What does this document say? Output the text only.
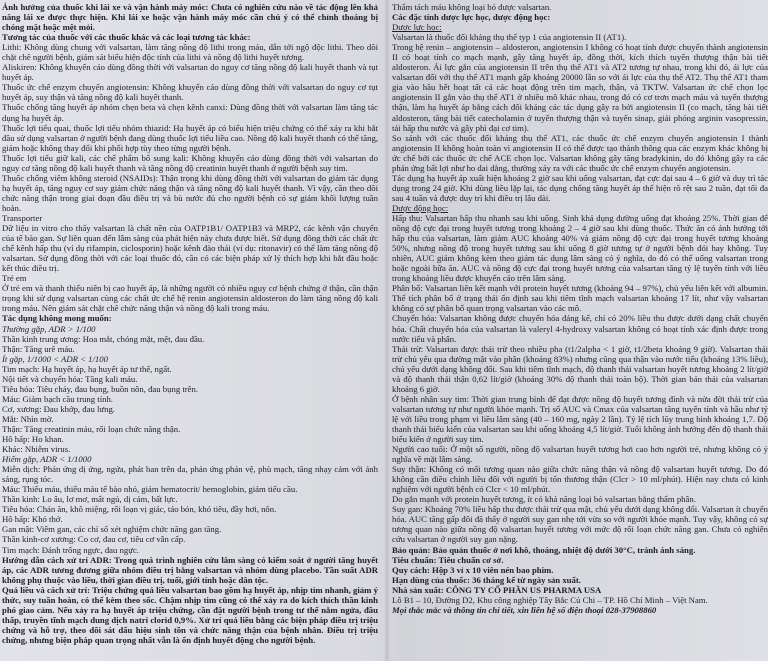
Ảnh hưởng của thuốc khi lái xe và vận hành máy móc: Chưa có nghiên cứu nào về tác động lên khả năng lái xe được thực hiện. Khi lái xe hoặc vận hành máy móc cần chú ý có thể chỉnh thoáng bị chóng mặt hoặc mệt mỏi.

Tương tác của thuốc với các thuốc khác và các loại tương tác khác:

Lithi: Không dùng chung với valsartan, làm tăng nồng độ lithi trong máu, dẫn tới ngộ độc lithi. Theo dõi chặt chẽ người bệnh, giám sát biểu hiện độc tính của lithi và nồng độ lithi huyết tương.

Aliskiren: Không khuyến cáo dùng đồng thời với valsartan do nguy cơ tăng nồng độ kali huyết thanh và tụt huyết áp.

Thuốc ức chế enzym chuyển angiotensin: Không khuyến cáo dùng đồng thời với valsartan do nguy cơ tụt huyết áp, suy thận và tăng nồng độ kali huyết thanh.

Thuốc chống tăng huyết áp nhóm chẹn beta và chẹn kênh canxi: Dùng đồng thời với valsartan làm tăng tác dụng hạ huyết áp.

Thuốc lợi tiểu quai, thuốc lợi tiểu nhóm thiazid: Hạ huyết áp có biểu hiện triệu chứng có thể xảy ra khi bắt đầu sử dụng valsartan ở người bệnh đang dùng thuốc lợi tiểu liều cao. Nồng độ kali huyết thanh có thể tăng, giảm hoặc không thay đổi khi phối hợp tùy theo từng người bệnh.

Thuốc lợi tiểu giữ kali, các chế phẩm bổ sung kali: Không khuyến cáo dùng đồng thời với valsartan do nguy cơ tăng nồng độ kali huyết thanh và tăng nồng độ creatinin huyết thanh ở người bệnh suy tim.

Thuốc chống viêm không steroid (NSAIDs): Thận trọng khi dùng đồng thời với valsartan do giảm tác dụng hạ huyết áp, tăng nguy cơ suy giảm chức năng thận và tăng nồng độ kali huyết thanh. Vì vậy, cần theo dõi chức năng thận trong giai đoạn đầu điều trị và bù nước đủ cho người bệnh có sự giảm khối lượng tuần hoàn.

Transporter

Dữ liệu in vitro cho thấy valsartan là chất nền của OATP1B1/ OATP1B3 và MRP2, các kênh vận chuyển của tế bào gan. Sự liên quan đến lâm sàng của phát hiện này chưa được biết. Sử dụng đồng thời các chất ức chế kênh hấp thu (ví dụ rifampin, ciclosporin) hoặc kênh đào thải (ví dụ: ritonavir) có thể làm tăng nồng độ valsartan. Sử dụng đồng thời với các loại thuốc đó, cần có các biện pháp xử lý thích hợp khi bắt đầu hoặc kết thúc điều trị.

Trẻ em

Ở trẻ em và thanh thiếu niên bị cao huyết áp, là những người có nhiều nguy cơ bệnh chứng ở thận, cần thận trọng khi sử dụng valsartan cùng các chất ức chế hệ renin angiotensin aldosteron do làm tăng nồng độ kali trong máu. Nên giám sát chặt chẽ chức năng thận và nồng độ kali trong máu.

Tác dụng không mong muốn:

Thường gặp, ADR > 1/100

Thần kinh trung ương: Hoa mắt, chóng mặt, mệt, đau đầu.

Thận: Tăng urê máu.

Ít gặp, 1/1000 < ADR < 1/100

Tim mạch: Hạ huyết áp, hạ huyết áp tư thế, ngất.

Nội tiết và chuyển hóa: Tăng kali máu.

Tiêu hóa: Tiêu chảy, đau bụng, buồn nôn, đau bụng trên.

Máu: Giảm bạch cầu trung tính.

Cơ, xương: Đau khớp, đau lưng.

Mắt: Nhìn mờ.

Thận: Tăng creatinin máu, rối loạn chức năng thận.

Hô hấp: Ho khan.

Khác: Nhiễm virus.

Hiếm gặp, ADR < 1/1000

Miễn dịch: Phản ứng dị ứng, ngứa, phát ban trên da, phản ứng phản vệ, phù mạch, tăng nhạy cảm với ánh sáng, rụng tóc.

Máu: Thiếu máu, thiếu máu tế bào nhỏ, giảm hematocrit/ hemoglobin, giảm tiểu cầu.

Thần kinh: Lo âu, lơ mơ, mất ngủ, dị cảm, bất lực.

Tiêu hóa: Chán ăn, khô miệng, rối loạn vị giác, táo bón, khó tiêu, đầy hơi, nôn.

Hô hấp: Khó thở.

Gan mật: Viêm gan, các chỉ số xét nghiệm chức năng gan tăng.

Thần kinh-cơ xương: Co cơ, đau cơ, tiêu cơ vân cấp.

Tim mạch: Đánh trống ngực, đau ngực.

Hướng dẫn cách xử trí ADR: Trong quá trình nghiên cứu lâm sàng có kiểm soát ở người tăng huyết áp, các ADR tương đương giữa nhóm điều trị bằng valsartan và nhóm dùng placebo. Tần suất ADR không phụ thuộc vào liều, thời gian điều trị, tuổi, giới tính hoặc dân tộc.

Quá liều và cách xử trí: Triệu chứng quá liều valsartan bao gồm hạ huyết áp, nhịp tim nhanh, giảm ý thức, suy tuần hoàn, có thể kèm theo sốc. Chậm nhịp tim cũng có thể xảy ra do kích thích thần kinh phó giao cảm. Nếu xảy ra hạ huyết áp triệu chứng, cần đặt người bệnh trong tư thế nằm ngửa, đầu thấp, truyền tĩnh mạch dung dịch natri clorid 0,9%. Xử trí quá liều bằng các biện pháp điều trị triệu chứng và hỗ trợ, theo dõi sát dấu hiệu sinh tồn và chức năng thận của bệnh nhân. Điều trị triệu chứng, nhưng biện pháp quan trọng nhất vẫn là ổn định huyết động cho người bệnh.

Thẩm tách máu không loại bỏ được valsartan.

Các đặc tính dược lực học, dược động học:

Dược lực học:

Valsartan là thuốc đối kháng thụ thể typ 1 của angiotensin II (AT1).

Trong hệ renin – angiotensin – aldosteron, angiotensin I không có hoạt tính được chuyển thành angiotensin II có hoạt tính co mạch mạnh, gây tăng huyết áp, đồng thời, kích thích tuyến thượng thận bài tiết aldosteron. Ái lực gắn của angiotensin II trên thụ thể AT1 và AT2 tương tự nhau, trong khi đó, ái lực của valsartan đối với thụ thể AT1 mạnh gấp khoảng 20000 lần so với ái lực của thụ thể AT2. Thụ thể AT1 tham gia vào hầu hết hoạt tất cả các hoạt động trên tim mạch, thận, và TKTW. Valsartan ức chế chọn lọc angiotensin II gắn vào thụ thể AT1 ở nhiều mô khác nhau, trong đó có cơ trơn mạch máu và tuyến thượng thận, làm hạ huyết áp bằng cách đối kháng các tác dụng gây ra bởi angiotensin II (co mạch, tăng bài tiết aldosteron, tăng bài tiết catecholamin ở tuyến thượng thận và tuyến sinap, giải phóng arginin vasopressin, tái hấp thu nước và gây phì đại cơ tim).

So sánh với các thuốc đối kháng thụ thể AT1, các thuốc ức chế enzym chuyển angiotensin I thành angiotensin II không hoàn toàn vì angiotensin II có thể được tạo thành thông qua các enzym khác không bị ức chế bởi các thuốc ức chế ACE chọn lọc. Valsartan không gây tăng bradykinin, do đó không gây ra các phản ứng bất lợi như ho dai dẳng, thường xảy ra với các thuốc ức chế enzym chuyển angiotensin.

Tác dụng hạ huyết áp xuất hiện khoảng 2 giờ sau khi uống valsartan, đạt cực đại sau 4 – 6 giờ và duy trì tác dụng trong 24 giờ. Khi dùng liều lặp lại, tác dụng chống tăng huyết áp thể hiện rõ rệt sau 2 tuần, đạt tối đa sau 4 tuần và được duy trì khi điều trị lâu dài.

Dược động học:

Hấp thu: Valsartan hấp thu nhanh sau khi uống. Sinh khả dụng đường uống đạt khoảng 25%. Thời gian để nồng độ cực đại trong huyết tương trong khoảng 2 – 4 giờ sau khi dùng thuốc. Thức ăn có ảnh hưởng tới hấp thu của valsartan, làm giảm AUC khoảng 40% và giảm nồng độ cực đại trong huyết tương khoảng 50%, nhưng nồng độ trong huyết tương sau khi uống 8 giờ tương tự ở người bệnh đói hay không. Tuy nhiên, AUC giảm không kèm theo giảm tác dụng lâm sàng có ý nghĩa, do đó có thể uống valsartan trong hoặc ngoài bữa ăn. AUC và nồng độ cực đại trong huyết tương của valsartan tăng tỷ lệ tuyến tính với liều trong khoảng liều được khuyến cáo trên lâm sàng.

Phân bố: Valsartan liên kết mạnh với protein huyết tương (khoảng 94 – 97%), chủ yếu liên kết với albumin. Thể tích phân bố ở trạng thái ổn định sau khi tiêm tĩnh mạch valsartan khoảng 17 lít, như vậy valsartan không có sự phân bố quan trọng valsartan vào các mô.

Chuyển hóa: Valsartan không được chuyển hóa đáng kể, chỉ có 20% liều thu được dưới dạng chất chuyển hóa. Chất chuyển hóa của valsartan là valeryl 4-hydroxy valsartan không có hoạt tính xác định được trong nước tiểu và phân.

Thải trừ: Valsartan được thải trừ theo nhiều pha (t1/2alpha < 1 giờ, t1/2beta khoảng 9 giờ). Valsartan thải trừ chủ yếu qua đường mật vào phân (khoảng 83%) nhưng cũng qua thận vào nước tiểu (khoảng 13% liều), chủ yếu dưới dạng không đổi. Sau khi tiêm tĩnh mạch, độ thanh thải valsartan huyết tương khoảng 2 lít/giờ và độ thanh thải thận 0,62 lít/giờ (khoảng 30% độ thanh thải toàn bộ). Thời gian bán thải của valsartan khoảng 6 giờ.

Ở bệnh nhân suy tim: Thời gian trung bình để đạt được nồng độ huyết tương đỉnh và nửa đời thải trừ của valsartan tương tự như người khỏe mạnh. Trị số AUC và Cmax của valsartan tăng tuyến tính và hầu như tỷ lệ với liều trong phạm vi liều lâm sàng (40 – 160 mg, ngày 2 lần). Tỷ lệ tích lũy trung bình khoảng 1,7. Độ thanh thải biểu kiến của valsartan sau khi uống khoảng 4,5 lít/giờ. Tuổi không ảnh hưởng đến độ thanh thải biểu kiến ở người suy tim.

Người cao tuổi: Ở một số người, nồng độ valsartan huyết tương hơi cao hơn người trẻ, nhưng không có ý nghĩa về mặt lâm sàng.

Suy thận: Không có mối tương quan nào giữa chức năng thận và nồng độ valsartan huyết tương. Do đó không cần điều chỉnh liều đối với người bị tổn thương thận (Clcr > 10 ml/phút). Hiện nay chưa có kinh nghiệm với người bệnh có Clcr < 10 ml/phút.

Do gắn mạnh với protein huyết tương, ít có khả năng loại bỏ valsartan bằng thẩm phân.

Suy gan: Khoảng 70% liều hấp thu được thải trừ qua mật, chủ yếu dưới dạng không đổi. Valsartan ít chuyển hóa. AUC tăng gấp đôi đã thấy ở người suy gan nhẹ tới vừa so với người khỏe mạnh. Tuy vậy, không có sự tương quan nào giữa nồng độ valsartan huyết tương với mức độ rối loạn chức năng gan. Chưa có nghiên cứu valsartan ở người suy gan nặng.

Bảo quản: Bảo quản thuốc ở nơi khô, thoáng, nhiệt độ dưới 30°C, tránh ánh sáng.

Tiêu chuẩn: Tiêu chuẩn cơ sở.

Quy cách: Hộp 3 vỉ x 10 viên nén bao phim.

Hạn dùng của thuốc: 36 tháng kể từ ngày sản xuất.

Nhà sản xuất: CÔNG TY CỔ PHẦN US PHARMA USA

Lô B1 – 10, Đường D2, Khu công nghiệp Tây Bắc Củ Chi – TP. Hồ Chí Minh – Việt Nam.

Mọi thắc mắc và thông tin chi tiết, xin liên hệ số điện thoại 028-37908860
